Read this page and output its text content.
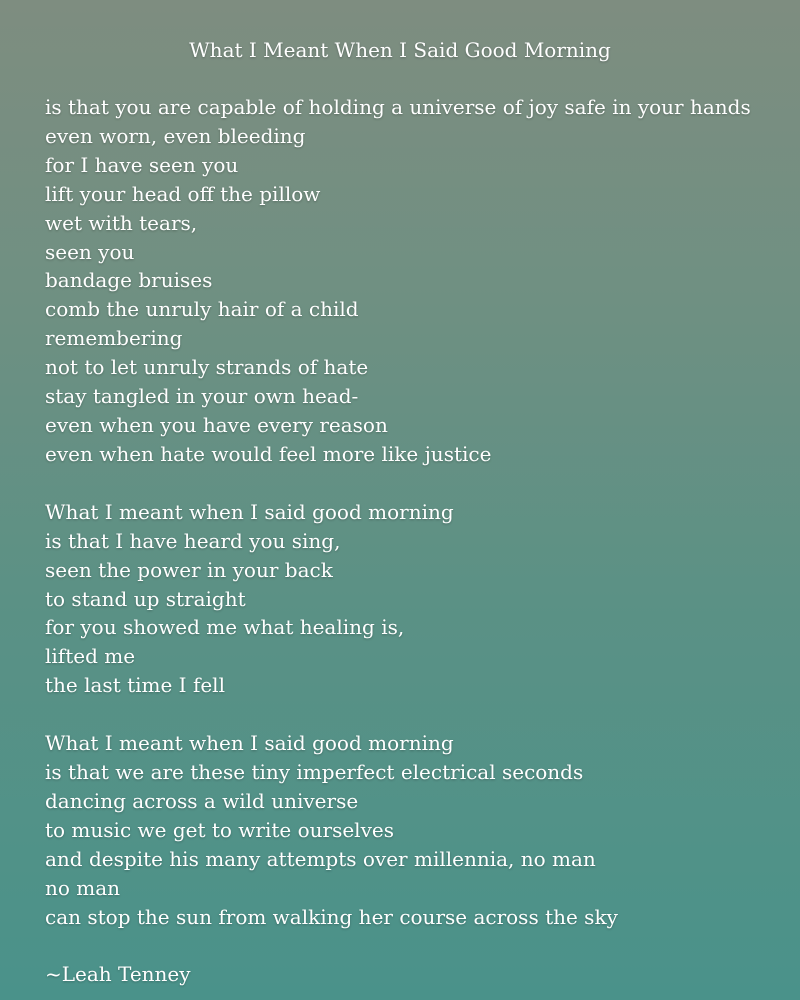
What I Meant When I Said Good Morning
is that you are capable of holding a universe of joy safe in your hands
even worn, even bleeding
for I have seen you
lift your head off the pillow
wet with tears,
seen you
bandage bruises
comb the unruly hair of a child
remembering
not to let unruly strands of hate
stay tangled in your own head-
even when you have every reason
even when hate would feel more like justice
What I meant when I said good morning
is that I have heard you sing,
seen the power in your back
to stand up straight
for you showed me what healing is,
lifted me
the last time I fell
What I meant when I said good morning
is that we are these tiny imperfect electrical seconds
dancing across a wild universe
to music we get to write ourselves
and despite his many attempts over millennia, no man
no man
can stop the sun from walking her course across the sky
~Leah Tenney
